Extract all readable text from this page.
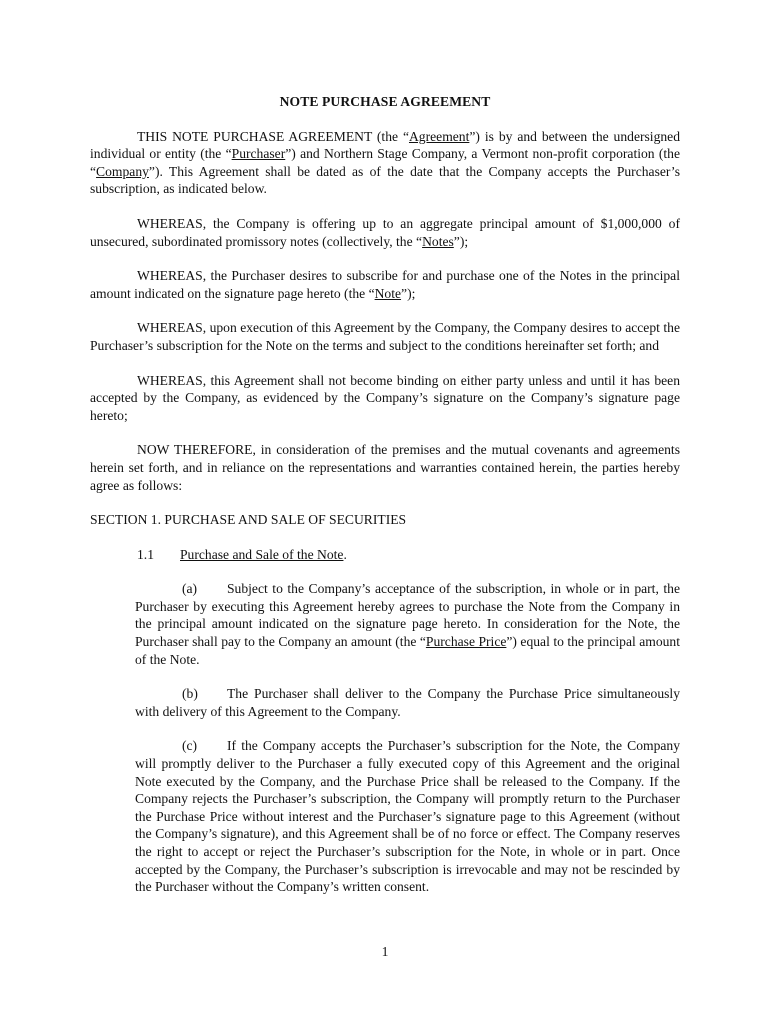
NOTE PURCHASE AGREEMENT

THIS NOTE PURCHASE AGREEMENT (the “Agreement”) is by and between the undersigned individual or entity (the “Purchaser”) and Northern Stage Company, a Vermont non-profit corporation (the “Company”). This Agreement shall be dated as of the date that the Company accepts the Purchaser’s subscription, as indicated below.

WHEREAS, the Company is offering up to an aggregate principal amount of $1,000,000 of unsecured, subordinated promissory notes (collectively, the “Notes”);

WHEREAS, the Purchaser desires to subscribe for and purchase one of the Notes in the principal amount indicated on the signature page hereto (the “Note”);

WHEREAS, upon execution of this Agreement by the Company, the Company desires to accept the Purchaser’s subscription for the Note on the terms and subject to the conditions hereinafter set forth; and

WHEREAS, this Agreement shall not become binding on either party unless and until it has been accepted by the Company, as evidenced by the Company’s signature on the Company’s signature page hereto;

NOW THEREFORE, in consideration of the premises and the mutual covenants and agreements herein set forth, and in reliance on the representations and warranties contained herein, the parties hereby agree as follows:

SECTION 1. PURCHASE AND SALE OF SECURITIES
1.1 Purchase and Sale of the Note.

(a) Subject to the Company’s acceptance of the subscription, in whole or in part, the Purchaser by executing this Agreement hereby agrees to purchase the Note from the Company in the principal amount indicated on the signature page hereto. In consideration for the Note, the Purchaser shall pay to the Company an amount (the “Purchase Price”) equal to the principal amount of the Note.

(b) The Purchaser shall deliver to the Company the Purchase Price simultaneously with delivery of this Agreement to the Company.

(c) If the Company accepts the Purchaser’s subscription for the Note, the Company will promptly deliver to the Purchaser a fully executed copy of this Agreement and the original Note executed by the Company, and the Purchase Price shall be released to the Company. If the Company rejects the Purchaser’s subscription, the Company will promptly return to the Purchaser the Purchase Price without interest and the Purchaser’s signature page to this Agreement (without the Company’s signature), and this Agreement shall be of no force or effect. The Company reserves the right to accept or reject the Purchaser’s subscription for the Note, in whole or in part. Once accepted by the Company, the Purchaser’s subscription is irrevocable and may not be rescinded by the Purchaser without the Company’s written consent.

1
